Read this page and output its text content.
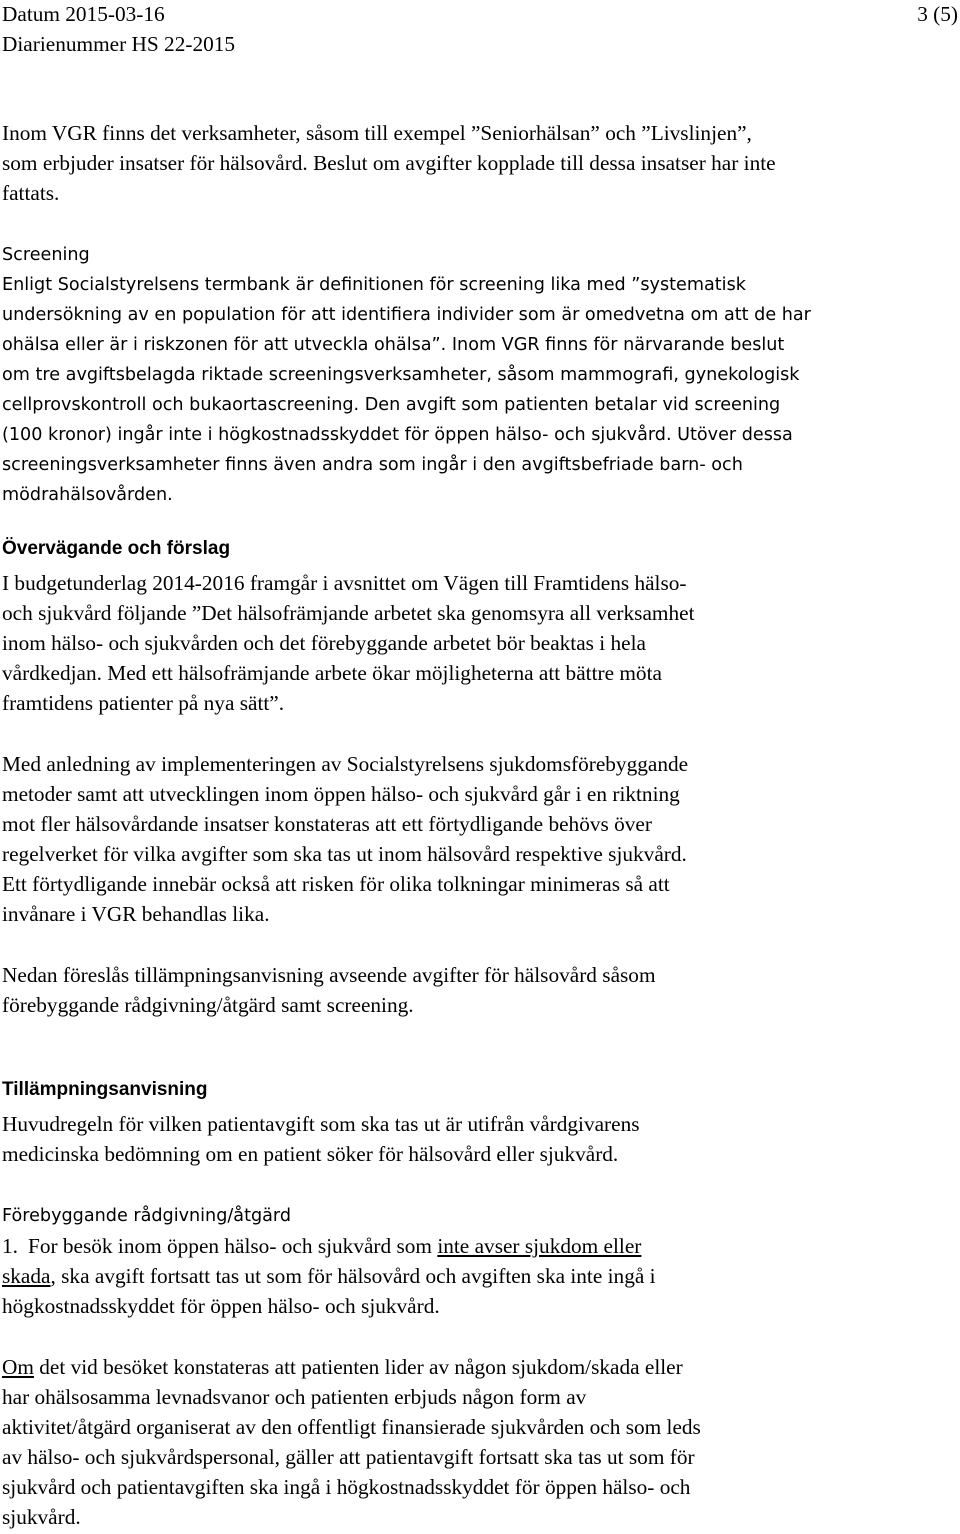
Datum 2015-03-16
Diarienummer HS 22-2015
3 (5)
Inom VGR finns det verksamheter, såsom till exempel ”Seniorhälsan” och ”Livslinjen”,
som erbjuder insatser för hälsovård. Beslut om avgifter kopplade till dessa insatser har inte
fattats.
Screening
Enligt Socialstyrelsens termbank är definitionen för screening lika med ”systematisk
undersökning av en population för att identifiera individer som är omedvetna om att de har
ohälsa eller är i riskzonen för att utveckla ohälsa”. Inom VGR finns för närvarande beslut
om tre avgiftsbelagda riktade screeningsverksamheter, såsom mammografi, gynekologisk
cellprovskontroll och bukaortascreening. Den avgift som patienten betalar vid screening
(100 kronor) ingår inte i högkostnadsskyddet för öppen hälso- och sjukvård. Utöver dessa
screeningsverksamheter finns även andra som ingår i den avgiftsbefriade barn- och
mödrahälsovården.
Övervägande och förslag
I budgetunderlag 2014-2016 framgår i avsnittet om Vägen till Framtidens hälso-
och sjukvård följande ”Det hälsofrämjande arbetet ska genomsyra all verksamhet
inom hälso- och sjukvården och det förebyggande arbetet bör beaktas i hela
vårdkedjan. Med ett hälsofrämjande arbete ökar möjligheterna att bättre möta
framtidens patienter på nya sätt”.
Med anledning av implementeringen av Socialstyrelsens sjukdomsförebyggande
metoder samt att utvecklingen inom öppen hälso- och sjukvård går i en riktning
mot fler hälsovårdande insatser konstateras att ett förtydligande behövs över
regelverket för vilka avgifter som ska tas ut inom hälsovård respektive sjukvård.
Ett förtydligande innebär också att risken för olika tolkningar minimeras så att
invånare i VGR behandlas lika.
Nedan föreslås tillämpningsanvisning avseende avgifter för hälsovård såsom
förebyggande rådgivning/åtgärd samt screening.
Tillämpningsanvisning
Huvudregeln för vilken patientavgift som ska tas ut är utifrån vårdgivarens
medicinska bedömning om en patient söker för hälsovård eller sjukvård.
Förebyggande rådgivning/åtgärd
1. For besök inom öppen hälso- och sjukvård som inte avser sjukdom eller
skada, ska avgift fortsatt tas ut som för hälsovård och avgiften ska inte ingå i
högkostnadsskyddet för öppen hälso- och sjukvård.
Om det vid besöket konstateras att patienten lider av någon sjukdom/skada eller
har ohälsosamma levnadsvanor och patienten erbjuds någon form av
aktivitet/åtgärd organiserat av den offentligt finansierade sjukvården och som leds
av hälso- och sjukvårdspersonal, gäller att patientavgift fortsatt ska tas ut som för
sjukvård och patientavgiften ska ingå i högkostnadsskyddet för öppen hälso- och
sjukvård.
